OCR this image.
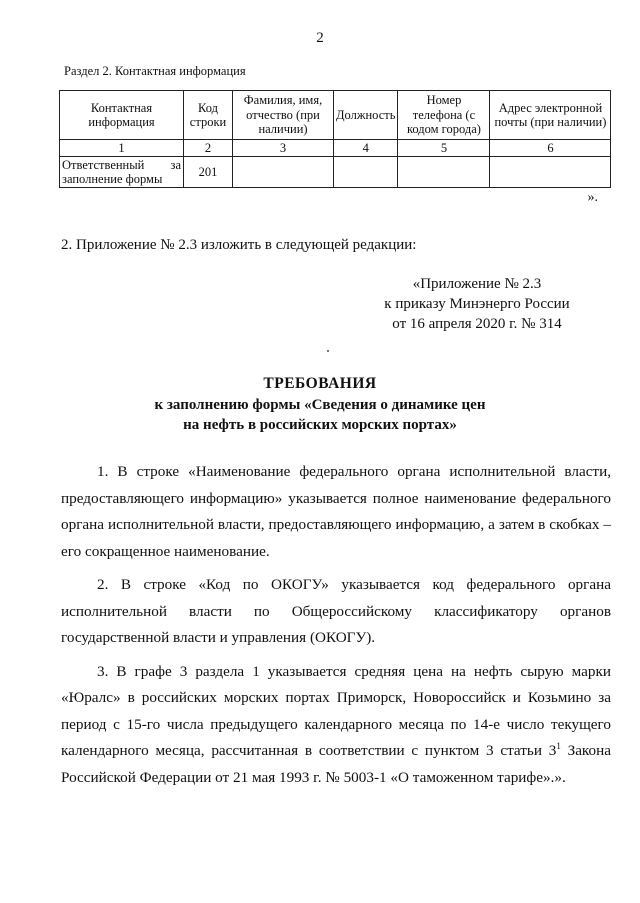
2
Раздел 2. Контактная информация
Контактная информация	Код строки	Фамилия, имя, отчество (при наличии)	Должность	Номер телефона (с кодом города)	Адрес электронной почты (при наличии)
1	2	3	4	5	6

Ответственный за
заполнение формы	201				
».
2. Приложение № 2.3 изложить в следующей редакции:
«Приложение № 2.3
к приказу Минэнерго России
от 16 апреля 2020 г. № 314
ТРЕБОВАНИЯ
к заполнению формы «Сведения о динамике цен
на нефть в российских морских портах»

1. В строке «Наименование федерального органа исполнительной власти, предоставляющего информацию» указывается полное наименование федерального органа исполнительной власти, предоставляющего информацию, а затем в скобках – его сокращенное наименование.

2. В строке «Код по ОКОГУ» указывается код федерального органа исполнительной власти по Общероссийскому классификатору органов государственной власти и управления (ОКОГУ).

3. В графе 3 раздела 1 указывается средняя цена на нефть сырую марки «Юралс» в российских морских портах Приморск, Новороссийск и Козьмино за период с 15-го числа предыдущего календарного месяца по 14-е число текущего календарного месяца, рассчитанная в соответствии с пунктом 3 статьи $3^1$ Закона Российской Федерации от 21 мая 1993 г. № 5003-1 «О таможенном тарифе».».
